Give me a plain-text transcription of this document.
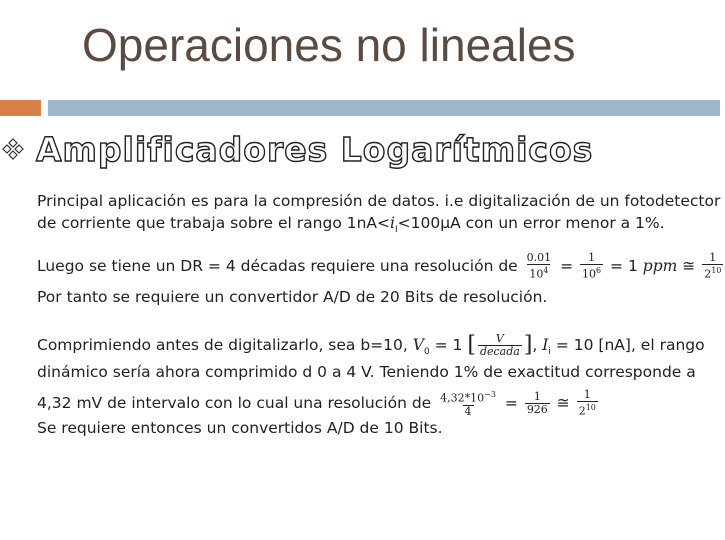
Operaciones no lineales
Amplificadores Logarítmicos
Principal aplicación es para la compresión de datos. i.e digitalización de un fotodetector
de corriente que trabaja sobre el rango $1nA<i_I<100\mu A$ con un error menor a 1%.
Luego se tiene un DR = 4 décadas requiere una resolución de $\frac{0.01}{10^4} = \frac{1}{10^6} = 1$ ppm ≅ $\frac{1}{2^{10}}$
Por tanto se requiere un convertidor A/D de 20 Bits de resolución.
Comprimiendo antes de digitalizarlo, sea b=10, $V_0 = 1$ [ $\frac{V}{\text{decada}}$ ], $I_i = 10$ [nA], el rango
dinámico sería ahora comprimido d 0 a 4 V. Teniendo 1% de exactitud corresponde a
4,32 mV de intervalo con lo cual una resolución de $\frac{4,32*10^{-3}}{4} = \frac{1}{926}$ ≅ $\frac{1}{2^{10}}$
Se requiere entonces un convertidos A/D de 10 Bits.
